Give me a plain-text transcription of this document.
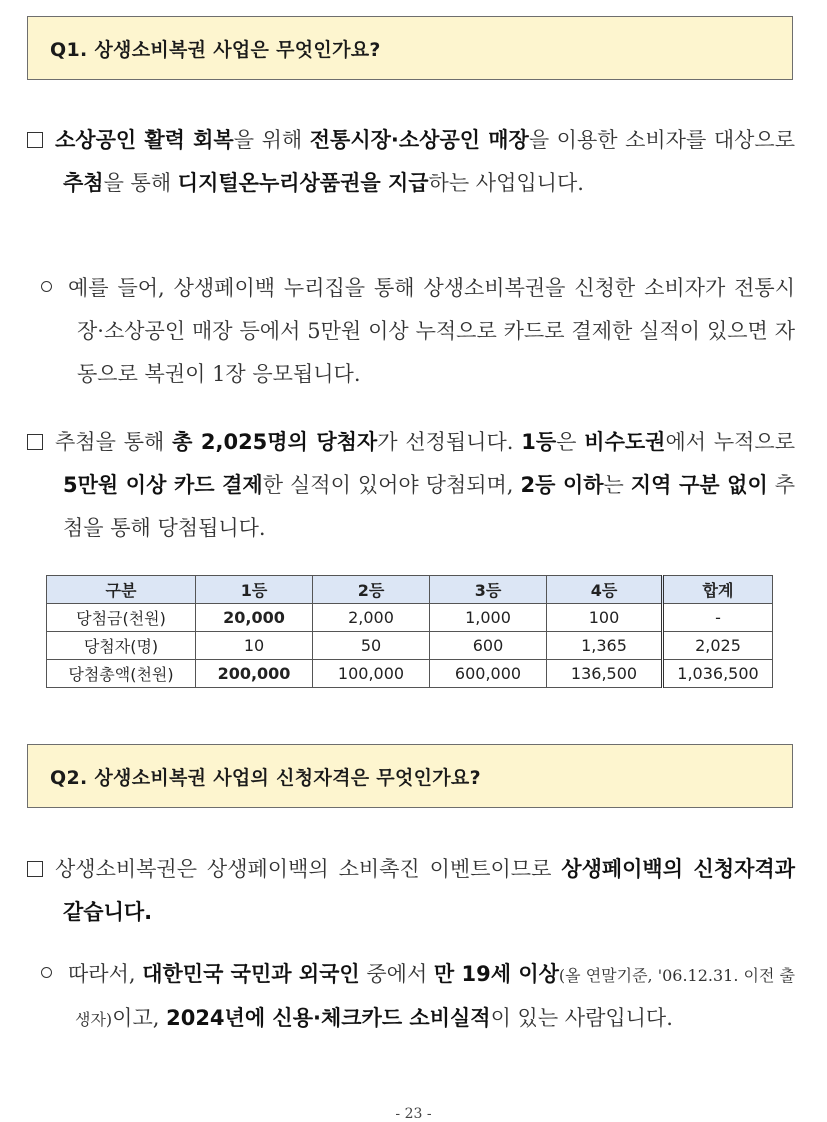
Q1. 상생소비복권 사업은 무엇인가요?
소상공인 활력 회복을 위해 전통시장·소상공인 매장을 이용한 소비자를 대상으로 추첨을 통해 디지털온누리상품권을 지급하는 사업입니다.
예를 들어, 상생페이백 누리집을 통해 상생소비복권을 신청한 소비자가 전통시장·소상공인 매장 등에서 5만원 이상 누적으로 카드로 결제한 실적이 있으면 자동으로 복권이 1장 응모됩니다.
추첨을 통해 총 2,025명의 당첨자가 선정됩니다. 1등은 비수도권에서 누적으로 5만원 이상 카드 결제한 실적이 있어야 당첨되며, 2등 이하는 지역 구분 없이 추첨을 통해 당첨됩니다.
구분	1등	2등	3등	4등	합계
당첨금(천원)	20,000	2,000	1,000	100	-
당첨자(명)	10	50	600	1,365	2,025
당첨총액(천원)	200,000	100,000	600,000	136,500	1,036,500
Q2. 상생소비복권 사업의 신청자격은 무엇인가요?
상생소비복권은 상생페이백의 소비촉진 이벤트이므로 상생페이백의 신청자격과 같습니다.
따라서, 대한민국 국민과 외국인 중에서 만 19세 이상(올 연말기준, '06.12.31. 이전 출생자)이고, 2024년에 신용·체크카드 소비실적이 있는 사람입니다.
- 23 -
